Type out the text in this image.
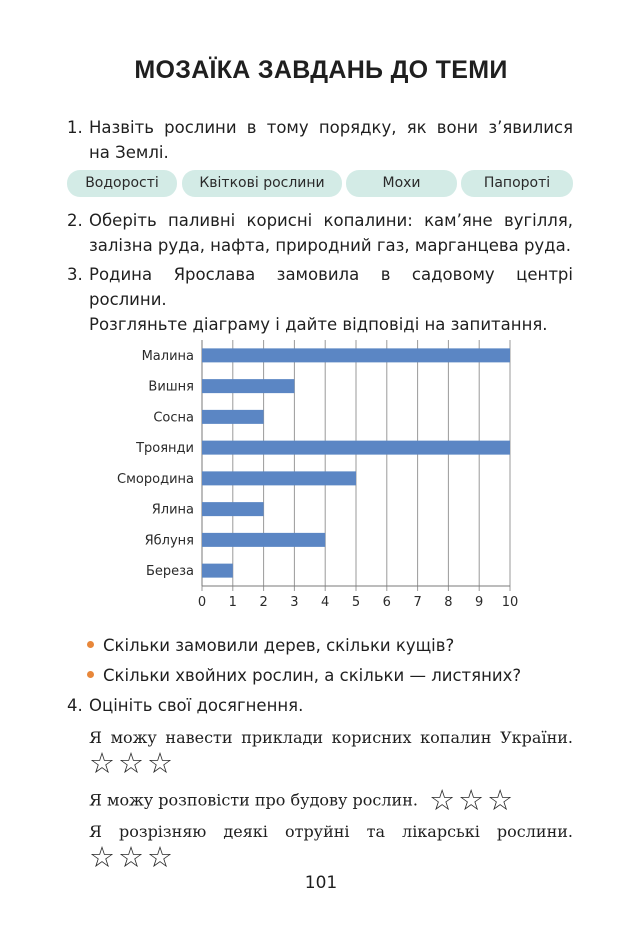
МОЗАЇКА ЗАВДАНЬ ДО ТЕМИ
1. Назвіть рослини в тому порядку, як вони з’явилися
на Землі.
Водорості	Квіткові рослини	Мохи	Папороті
2. Оберіть паливні корисні копалини: кам’яне вугілля,
залізна руда, нафта, природний газ, марганцева руда.
3. Родина Ярослава замовила в садовому центрі рослини.
Розгляньте діаграму і дайте відповіді на запитання.
Малина
Вишня
Сосна
Троянди
Смородина
Ялина
Яблуня
Береза
0 1 2 3 4 5 6 7 8 9 10
Скільки замовили дерев, скільки кущів?
Скільки хвойних рослин, а скільки — листяних?
4. Оцініть свої досягнення.
Я можу навести приклади корисних копалин України.
☆ ☆ ☆
Я можу розповісти про будову рослин. ☆ ☆ ☆
Я розрізняю деякі отруйні та лікарські рослини.
☆ ☆ ☆
101
